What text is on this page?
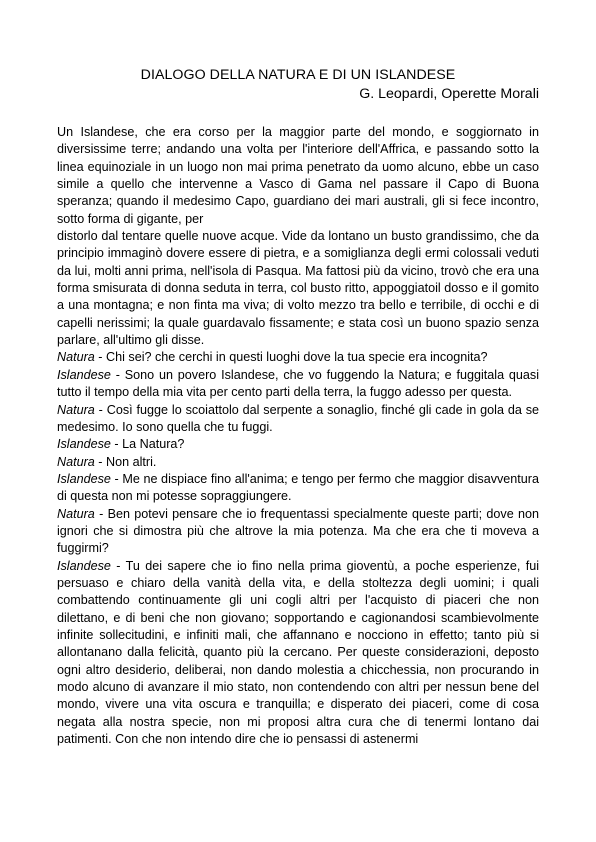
DIALOGO DELLA NATURA E DI UN ISLANDESE
G. Leopardi, Operette Morali

Un Islandese, che era corso per la maggior parte del mondo, e soggiornato in diversissime terre; andando una volta per l'interiore dell'Affrica, e passando sotto la linea equinoziale in un luogo non mai prima penetrato da uomo alcuno, ebbe un caso simile a quello che intervenne a Vasco di Gama nel passare il Capo di Buona speranza; quando il medesimo Capo, guardiano dei mari australi, gli si fece incontro, sotto forma di gigante, per

distorlo dal tentare quelle nuove acque. Vide da lontano un busto grandissimo, che da principio immaginò dovere essere di pietra, e a somiglianza degli ermi colossali veduti da lui, molti anni prima, nell'isola di Pasqua. Ma fattosi più da vicino, trovò che era una forma smisurata di donna seduta in terra, col busto ritto, appoggiatoil dosso e il gomito a una montagna; e non finta ma viva; di volto mezzo tra bello e terribile, di occhi e di capelli nerissimi; la quale guardavalo fissamente; e stata così un buono spazio senza parlare, all'ultimo gli disse.

Natura - Chi sei? che cerchi in questi luoghi dove la tua specie era incognita?

Islandese - Sono un povero Islandese, che vo fuggendo la Natura; e fuggitala quasi tutto il tempo della mia vita per cento parti della terra, la fuggo adesso per questa.

Natura - Così fugge lo scoiattolo dal serpente a sonaglio, finché gli cade in gola da se medesimo. Io sono quella che tu fuggi.

Islandese - La Natura?

Natura - Non altri.

Islandese - Me ne dispiace fino all'anima; e tengo per fermo che maggior disavventura di questa non mi potesse sopraggiungere.

Natura - Ben potevi pensare che io frequentassi specialmente queste parti; dove non ignori che si dimostra più che altrove la mia potenza. Ma che era che ti moveva a fuggirmi?

Islandese - Tu dei sapere che io fino nella prima gioventù, a poche esperienze, fui persuaso e chiaro della vanità della vita, e della stoltezza degli uomini; i quali combattendo continuamente gli uni cogli altri per l'acquisto di piaceri che non dilettano, e di beni che non giovano; sopportando e cagionandosi scambievolmente infinite sollecitudini, e infiniti mali, che affannano e nocciono in effetto; tanto più si allontanano dalla felicità, quanto più la cercano. Per queste considerazioni, deposto ogni altro desiderio, deliberai, non dando molestia a chicchessia, non procurando in modo alcuno di avanzare il mio stato, non contendendo con altri per nessun bene del mondo, vivere una vita oscura e tranquilla; e disperato dei piaceri, come di cosa negata alla nostra specie, non mi proposi altra cura che di tenermi lontano dai patimenti. Con che non intendo dire che io pensassi di astenermi
